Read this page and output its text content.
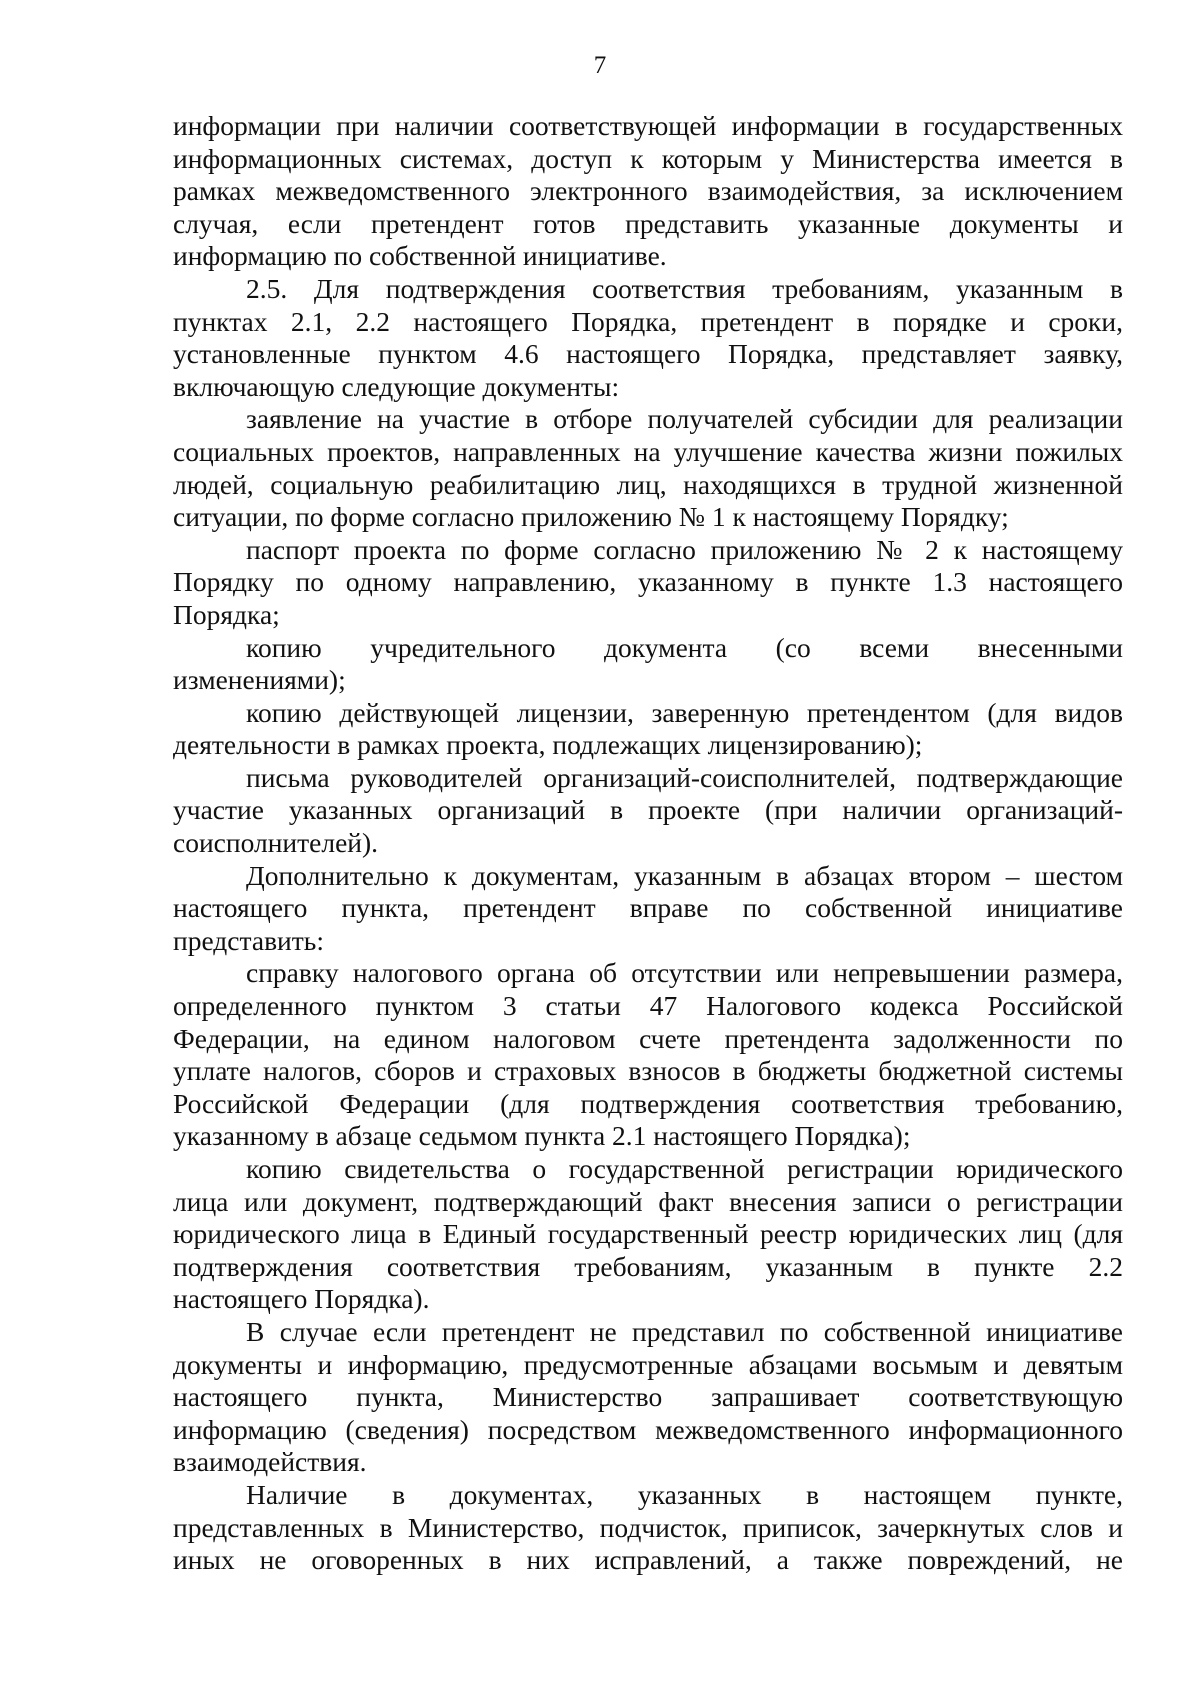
7

информации при наличии соответствующей информации в государственных
информационных системах, доступ к которым у Министерства имеется в
рамках межведомственного электронного взаимодействия, за исключением
случая, если претендент готов представить указанные документы и
информацию по собственной инициативе.

2.5. Для подтверждения соответствия требованиям, указанным в
пунктах 2.1, 2.2 настоящего Порядка, претендент в порядке и сроки,
установленные пунктом 4.6 настоящего Порядка, представляет заявку,
включающую следующие документы:

заявление на участие в отборе получателей субсидии для реализации
социальных проектов, направленных на улучшение качества жизни пожилых
людей, социальную реабилитацию лиц, находящихся в трудной жизненной
ситуации, по форме согласно приложению № 1 к настоящему Порядку;

паспорт проекта по форме согласно приложению № 2 к настоящему
Порядку по одному направлению, указанному в пункте 1.3 настоящего
Порядка;

копию учредительного документа (со всеми внесенными
изменениями);

копию действующей лицензии, заверенную претендентом (для видов
деятельности в рамках проекта, подлежащих лицензированию);

письма руководителей организаций-соисполнителей, подтверждающие
участие указанных организаций в проекте (при наличии организаций-
соисполнителей).

Дополнительно к документам, указанным в абзацах втором – шестом
настоящего пункта, претендент вправе по собственной инициативе
представить:

справку налогового органа об отсутствии или непревышении размера,
определенного пунктом 3 статьи 47 Налогового кодекса Российской
Федерации, на едином налоговом счете претендента задолженности по
уплате налогов, сборов и страховых взносов в бюджеты бюджетной системы
Российской Федерации (для подтверждения соответствия требованию,
указанному в абзаце седьмом пункта 2.1 настоящего Порядка);

копию свидетельства о государственной регистрации юридического
лица или документ, подтверждающий факт внесения записи о регистрации
юридического лица в Единый государственный реестр юридических лиц (для
подтверждения соответствия требованиям, указанным в пункте 2.2
настоящего Порядка).

В случае если претендент не представил по собственной инициативе
документы и информацию, предусмотренные абзацами восьмым и девятым
настоящего пункта, Министерство запрашивает соответствующую
информацию (сведения) посредством межведомственного информационного
взаимодействия.

Наличие в документах, указанных в настоящем пункте,
представленных в Министерство, подчисток, приписок, зачеркнутых слов и
иных не оговоренных в них исправлений, а также повреждений, не
